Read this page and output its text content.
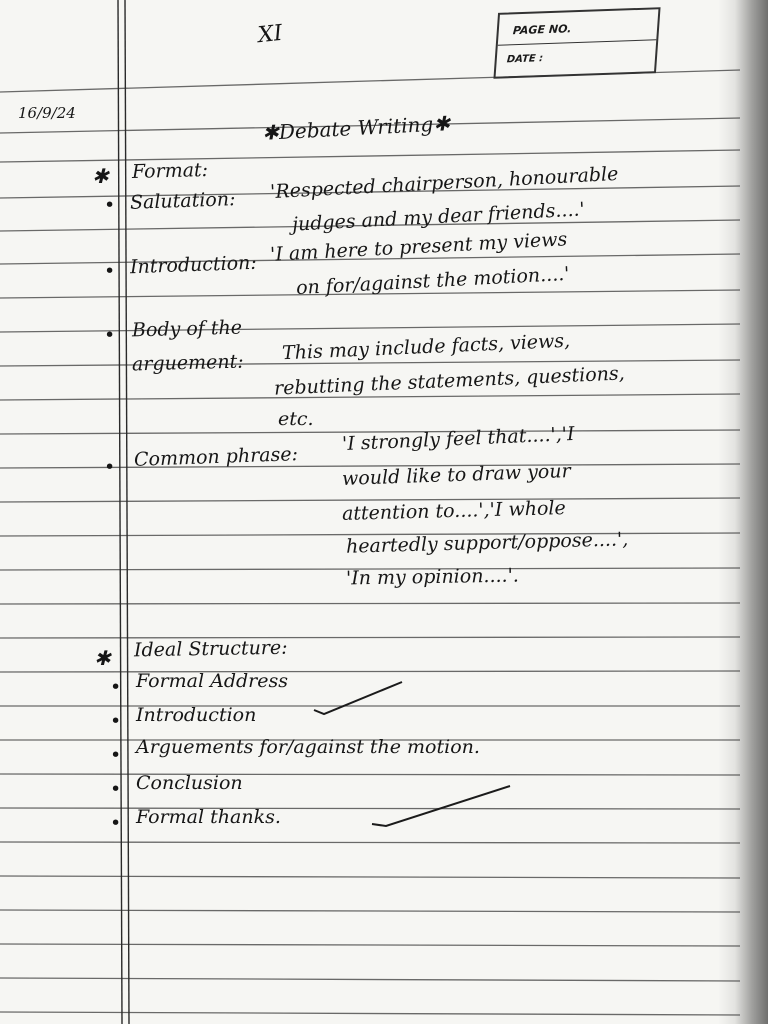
XI	PAGE NO.
DATE :
16/9/24	✱Debate Writing✱
✱ Format:
• Salutation: 'Respected chairperson, honourable
judges and my dear friends....'
• Introduction: 'I am here to present my views
on for/against the motion....'
• Body of the
arguement: This may include facts, views,
rebutting the statements, questions,
etc.
• Common phrase:
'I strongly feel that....','I
would like to draw your
attention to....','I whole
heartedly support/oppose....',
'In my opinion....'.
✱ Ideal Structure:
• Formal Address
• Introduction
• Arguements for/against the motion.
• Conclusion
• Formal thanks.
